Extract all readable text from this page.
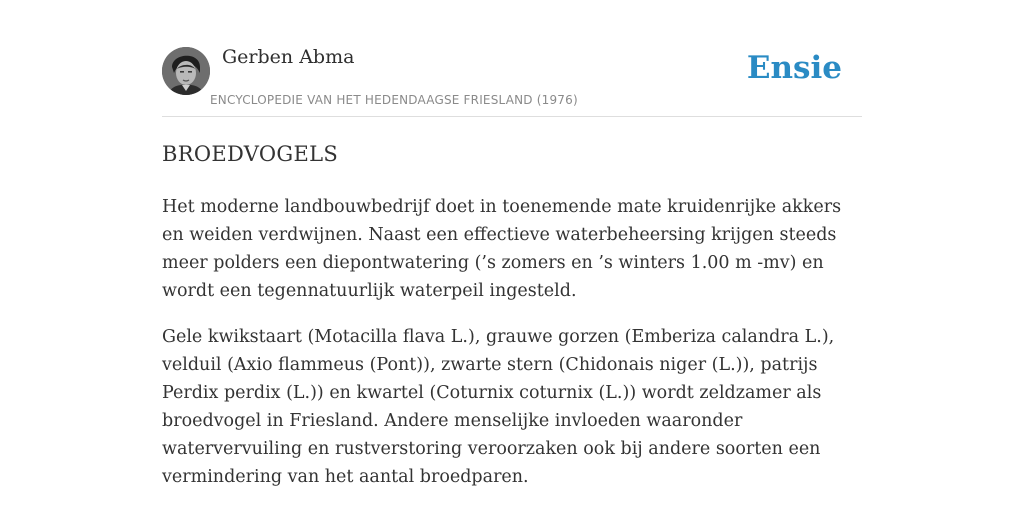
Gerben Abma
ENCYCLOPEDIE VAN HET HEDENDAAGSE FRIESLAND (1976)
Ensie
BROEDVOGELS

Het moderne landbouwbedrijf doet in toenemende mate kruidenrijke akkers en weiden verdwijnen. Naast een effectieve waterbeheersing krijgen steeds meer polders een diepontwatering (’s zomers en ’s winters 1.00 m -mv) en wordt een tegennatuurlijk waterpeil ingesteld.

Gele kwikstaart (Motacilla flava L.), grauwe gorzen (Emberiza calandra L.), velduil (Axio flammeus (Pont)), zwarte stern (Chidonais niger (L.)), patrijs Perdix perdix (L.)) en kwartel (Coturnix coturnix (L.)) wordt zeldzamer als broedvogel in Friesland. Andere menselijke invloeden waaronder watervervuiling en rustverstoring veroorzaken ook bij andere soorten een vermindering van het aantal broedparen.
